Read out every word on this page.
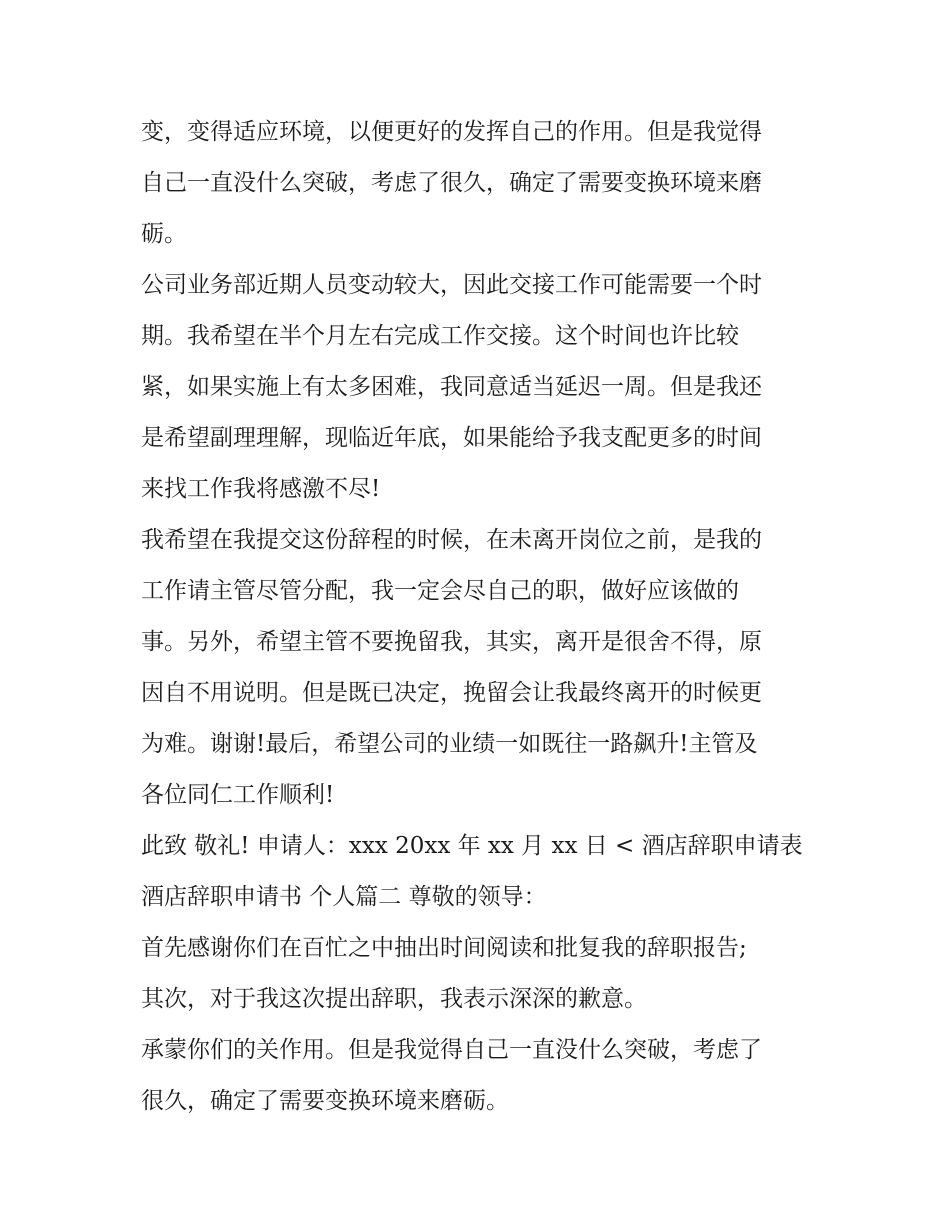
变，变得适应环境，以便更好的发挥自己的作用。但是我觉得
自己一直没什么突破，考虑了很久，确定了需要变换环境来磨
砺。
公司业务部近期人员变动较大，因此交接工作可能需要一个时
期。我希望在半个月左右完成工作交接。这个时间也许比较
紧，如果实施上有太多困难，我同意适当延迟一周。但是我还
是希望副理理解，现临近年底，如果能给予我支配更多的时间
来找工作我将感激不尽!
我希望在我提交这份辞程的时候，在未离开岗位之前，是我的
工作请主管尽管分配，我一定会尽自己的职，做好应该做的
事。另外，希望主管不要挽留我，其实，离开是很舍不得，原
因自不用说明。但是既已决定，挽留会让我最终离开的时候更
为难。谢谢!最后，希望公司的业绩一如既往一路飙升!主管及
各位同仁工作顺利!
此致 敬礼! 申请人：xxx 20xx 年 xx 月 xx 日 < 酒店辞职申请表
酒店辞职申请书 个人篇二 尊敬的领导：
首先感谢你们在百忙之中抽出时间阅读和批复我的辞职报告;
其次，对于我这次提出辞职，我表示深深的歉意。
承蒙你们的关作用。但是我觉得自己一直没什么突破，考虑了
很久，确定了需要变换环境来磨砺。
